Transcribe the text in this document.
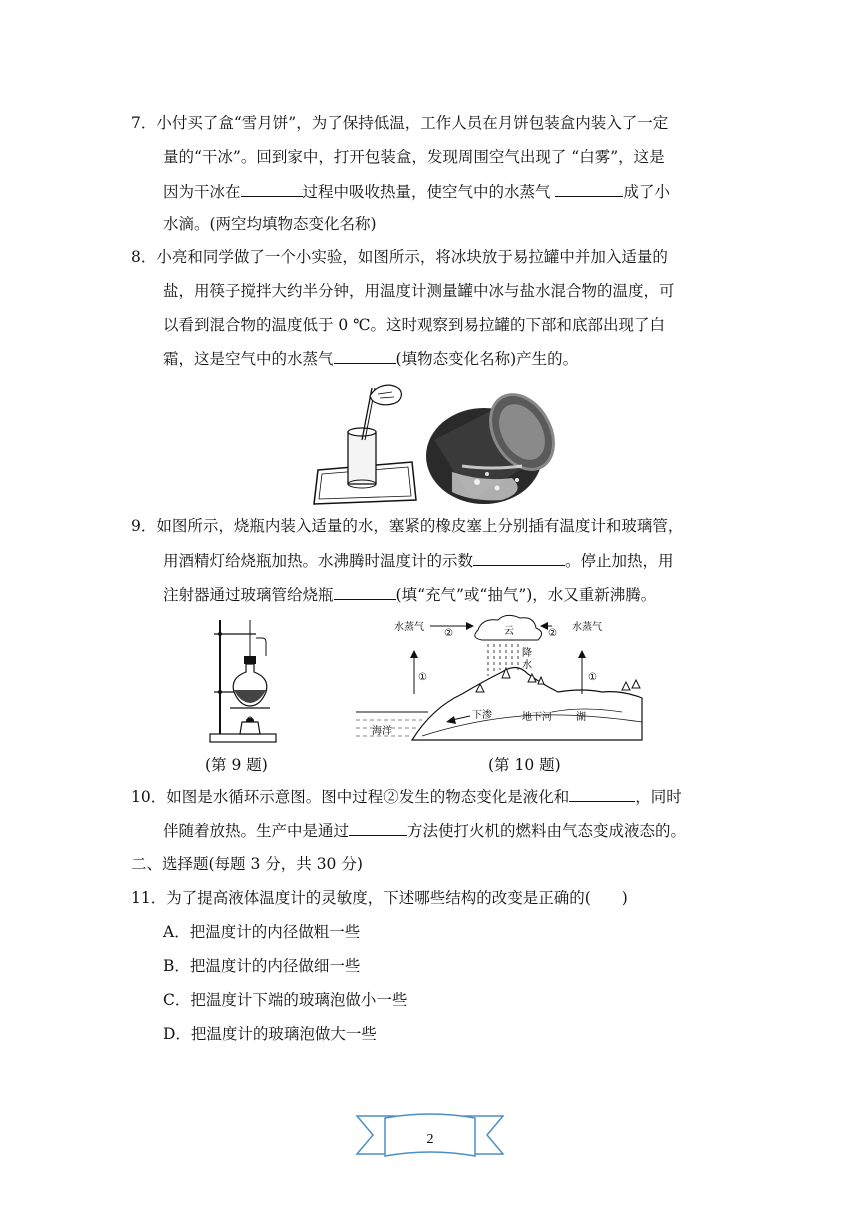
7．小付买了盒“雪月饼”，为了保持低温，工作人员在月饼包装盒内装入了一定
量的“干冰”。回到家中，打开包装盒，发现周围空气出现了 “白雾”，这是
因为干冰在	过程中吸收热量，使空气中的水蒸气	成了小
水滴。(两空均填物态变化名称)
8．小亮和同学做了一个小实验，如图所示，将冰块放于易拉罐中并加入适量的
盐，用筷子搅拌大约半分钟，用温度计测量罐中冰与盐水混合物的温度，可
以看到混合物的温度低于 0 ℃。这时观察到易拉罐的下部和底部出现了白
霜，这是空气中的水蒸气	(填物态变化名称)产生的。
9．如图所示，烧瓶内装入适量的水，塞紧的橡皮塞上分别插有温度计和玻璃管，
用酒精灯给烧瓶加热。水沸腾时温度计的示数	。停止加热，用
注射器通过玻璃管给烧瓶	(填“充气”或“抽气”)，水又重新沸腾。
水蒸气
②	云	②
水蒸气
降
水
①	①
下渗	地下河 湖
海洋
(第 9 题)	(第 10 题)
10．如图是水循环示意图。图中过程②发生的物态变化是液化和	，同时
伴随着放热。生产中是通过	方法使打火机的燃料由气态变成液态的。
二、选择题(每题 3 分，共 30 分)
11．为了提高液体温度计的灵敏度，下述哪些结构的改变是正确的(　　)
A．把温度计的内径做粗一些
B．把温度计的内径做细一些
C．把温度计下端的玻璃泡做小一些
D．把温度计的玻璃泡做大一些
2
